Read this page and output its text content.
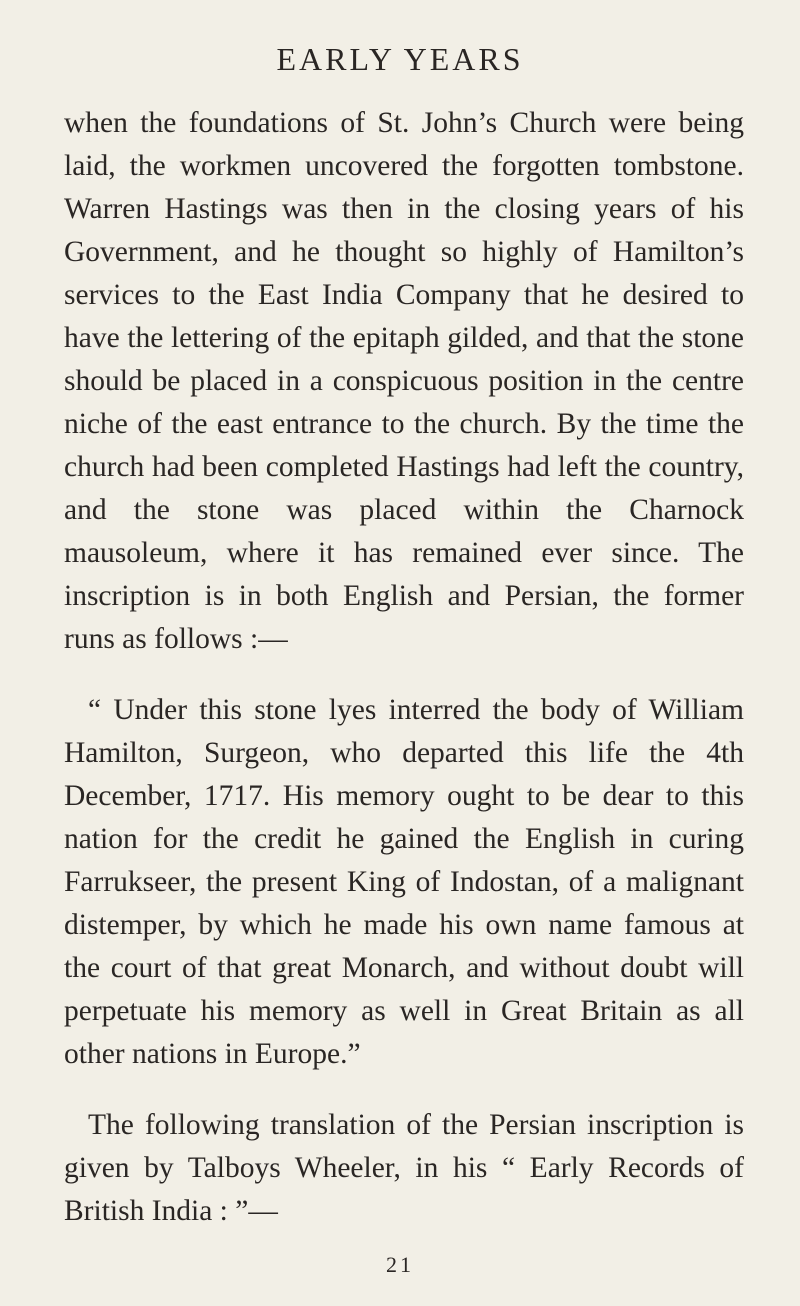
EARLY YEARS

when the foundations of St. John’s Church were being laid, the workmen uncovered the forgotten tombstone. Warren Hastings was then in the closing years of his Government, and he thought so highly of Hamilton’s services to the East India Company that he desired to have the lettering of the epitaph gilded, and that the stone should be placed in a conspicuous position in the centre niche of the east entrance to the church. By the time the church had been completed Hastings had left the country, and the stone was placed within the Charnock mausoleum, where it has remained ever since. The inscription is in both English and Persian, the former runs as follows :—

“ Under this stone lyes interred the body of William Hamilton, Surgeon, who departed this life the 4th December, 1717. His memory ought to be dear to this nation for the credit he gained the English in curing Farrukseer, the present King of Indostan, of a malignant distemper, by which he made his own name famous at the court of that great Monarch, and without doubt will perpetuate his memory as well in Great Britain as all other nations in Europe.”

The following translation of the Persian inscription is given by Talboys Wheeler, in his “ Early Records of British India : ”—

21
